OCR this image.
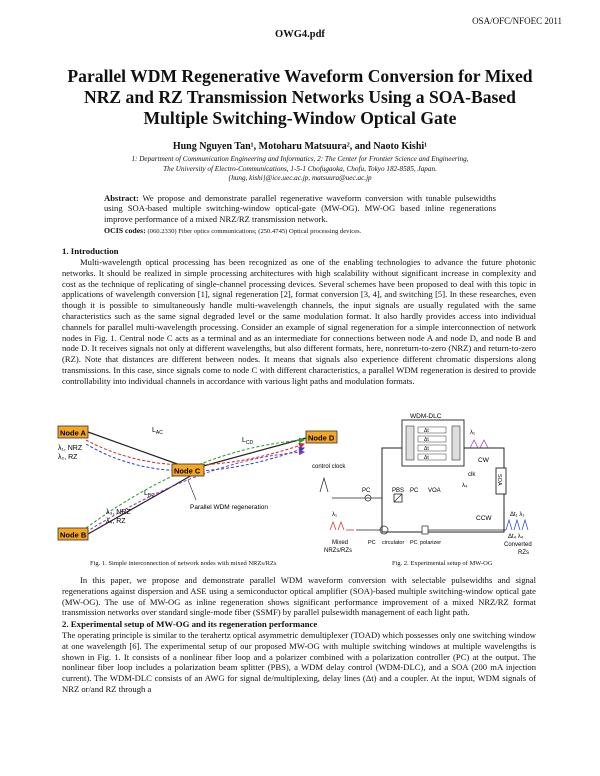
OSA/OFC/NFOEC 2011
OWG4.pdf
Parallel WDM Regenerative Waveform Conversion for Mixed NRZ and RZ Transmission Networks Using a SOA-Based Multiple Switching-Window Optical Gate
Hung Nguyen Tan¹, Motoharu Matsuura², and Naoto Kishi¹
1: Department of Communication Engineering and Informatics, 2: The Center for Frontier Science and Engineering,
The University of Electro-Communications, 1-5-1 Chofugaoka, Chofu, Tokyo 182-8585, Japan.
{hung, kishi}@ice.uec.ac.jp, matsuura@uec.ac.jp
Abstract: We propose and demonstrate parallel regenerative waveform conversion with tunable pulsewidths using SOA-based multiple switching-window optical-gate (MW-OG). MW-OG based inline regenerations improve performance of a mixed NRZ/RZ transmission network.
OCIS codes: (060.2330) Fiber optics communications; (250.4745) Optical processing devices.
1. Introduction
Multi-wavelength optical processing has been recognized as one of the enabling technologies to advance the future photonic networks. It should be realized in simple processing architectures with high scalability without significant increase in complexity and cost as the technique of replicating of single-channel processing devices. Several schemes have been proposed to deal with this topic in applications of wavelength conversion [1], signal regeneration [2], format conversion [3, 4], and switching [5]. In these researches, even though it is possible to simultaneously handle multi-wavelength channels, the input signals are usually regulated with the same characteristics such as the same signal degraded level or the same modulation format. It also hardly provides access into individual channels for parallel multi-wavelength processing. Consider an example of signal regeneration for a simple interconnection of network nodes in Fig. 1. Central node C acts as a terminal and as an intermediate for connections between node A and node D, and node B and node D. It receives signals not only at different wavelengths, but also different formats, here, nonreturn-to-zero (NRZ) and return-to-zero (RZ). Note that distances are different between nodes. It means that signals also experience different chromatic dispersions along transmissions. In this case, since signals come to node C with different characteristics, a parallel WDM regeneration is desired to provide controllability into individual channels in accordance with various light paths and modulation formats.
Node A
Node B
Node C
Node D
$L_{AC}$
$L_{CD}$
$L_{BC}$
λ₁, NRZ
λ₂, RZ
λ₃, NRZ
λ₄, RZ
Parallel WDM regeneration
Fig. 1. Simple interconnection of network nodes with mixed NRZs/RZs
WDM-DLC
Δt
Δt
Δt
Δt
SOA
λ₁
CW
λ₄
clk
CCW
control clock
PC	PBS PC VOA
λ₁
circulator
PC	PC polarizer
Mixed
NRZs/RZs
Δt₁ λ₁
Δt₄ λ₄
Converted
RZs
Fig. 2. Experimental setup of MW-OG
In this paper, we propose and demonstrate parallel WDM waveform conversion with selectable pulsewidths and signal regenerations against dispersion and ASE using a semiconductor optical amplifier (SOA)-based multiple switching-window optical gate (MW-OG). The use of MW-OG as inline regeneration shows significant performance improvement of a mixed NRZ/RZ format transmission networks over standard single-mode fiber (SSMF) by parallel pulsewidth management of each light path.
2. Experimental setup of MW-OG and its regeneration performance
The operating principle is similar to the terahertz optical asymmetric demultiplexer (TOAD) which possesses only one switching window at one wavelength [6]. The experimental setup of our proposed MW-OG with multiple switching windows at multiple wavelengths is shown in Fig. 1. It consists of a nonlinear fiber loop and a polarizer combined with a polarization controller (PC) at the output. The nonlinear fiber loop includes a polarization beam splitter (PBS), a WDM delay control (WDM-DLC), and a SOA (200 mA injection current). The WDM-DLC consists of an AWG for signal de/multiplexing, delay lines (Δt) and a coupler. At the input, WDM signals of NRZ or/and RZ through a
